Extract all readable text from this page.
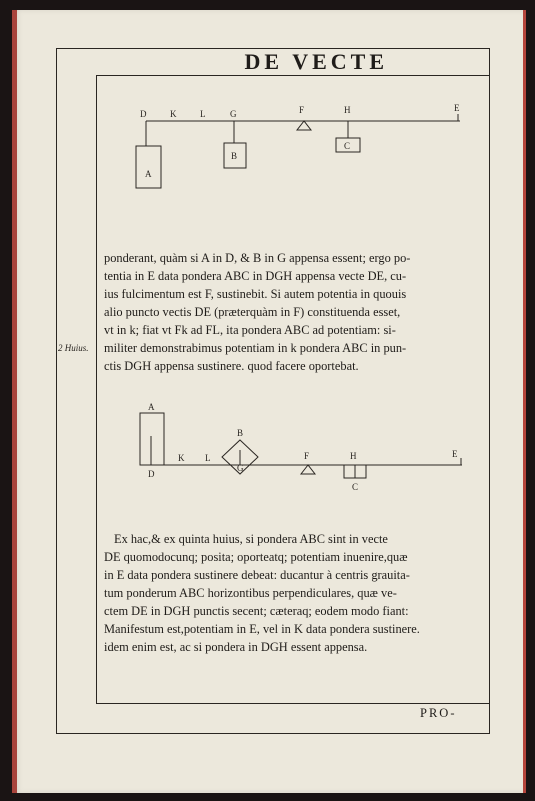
DE VECTE
D	K	L	G	F	H	E
A
B
C
A
B
G
D
K L	F	H
C
E
ponderant, quàm si A in D, & B in G appensa essent; ergo po-
tentia in E data pondera ABC in DGH appensa vecte DE, cu-
ius fulcimentum est F, sustinebit. Si autem potentia in quouis
alio puncto vectis DE (præterquàm in F) constituenda esset,
vt in k; fiat vt Fk ad FL, ita pondera ABC ad potentiam: si-
militer demonstrabimus potentiam in k pondera ABC in pun-
ctis DGH appensa sustinere. quod facere oportebat.
2 Huius.
Ex hac,& ex quinta huius, si pondera ABC sint in vecte
DE quomodocunq; posita; oporteatq; potentiam inuenire,quæ
in E data pondera sustinere debeat: ducantur à centris grauita-
tum ponderum ABC horizontibus perpendiculares, quæ ve-
ctem DE in DGH punctis secent; cæteraq; eodem modo fiant:
Manifestum est,potentiam in E, vel in K data pondera sustinere.
idem enim est, ac si pondera in DGH essent appensa.
PRO-
